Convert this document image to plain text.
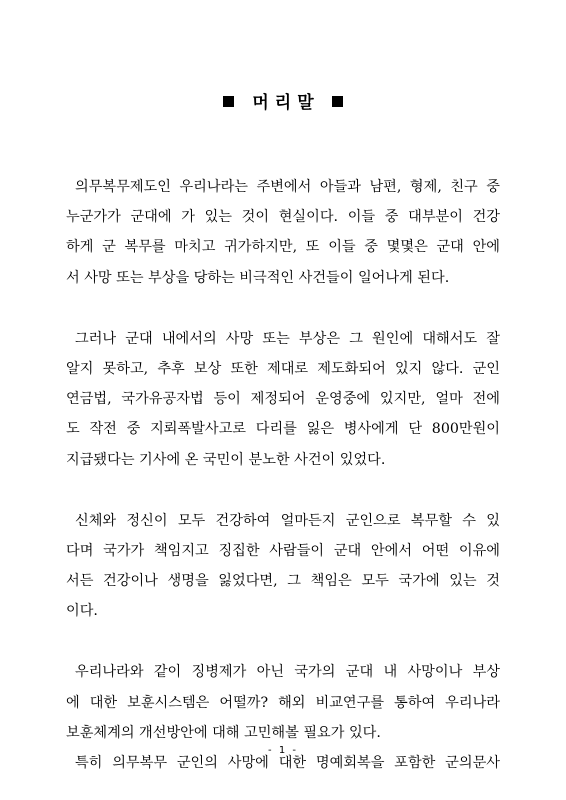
머리말
의무복무제도인 우리나라는 주변에서 아들과 남편, 형제, 친구 중
누군가가 군대에 가 있는 것이 현실이다. 이들 중 대부분이 건강
하게 군 복무를 마치고 귀가하지만, 또 이들 중 몇몇은 군대 안에
서 사망 또는 부상을 당하는 비극적인 사건들이 일어나게 된다.
그러나 군대 내에서의 사망 또는 부상은 그 원인에 대해서도 잘
알지 못하고, 추후 보상 또한 제대로 제도화되어 있지 않다. 군인
연금법, 국가유공자법 등이 제정되어 운영중에 있지만, 얼마 전에
도 작전 중 지뢰폭발사고로 다리를 잃은 병사에게 단 800만원이
지급됐다는 기사에 온 국민이 분노한 사건이 있었다.
신체와 정신이 모두 건강하여 얼마든지 군인으로 복무할 수 있
다며 국가가 책임지고 징집한 사람들이 군대 안에서 어떤 이유에
서든 건강이나 생명을 잃었다면, 그 책임은 모두 국가에 있는 것
이다.
우리나라와 같이 징병제가 아닌 국가의 군대 내 사망이나 부상
에 대한 보훈시스템은 어떨까? 해외 비교연구를 통하여 우리나라
보훈체계의 개선방안에 대해 고민해볼 필요가 있다.
특히 의무복무 군인의 사망에 대한 명예회복을 포함한 군의문사
- 1 -
